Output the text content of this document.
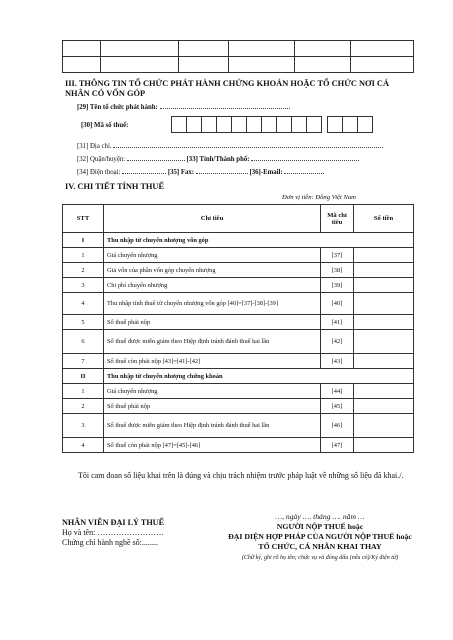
III. THÔNG TIN TỔ CHỨC PHÁT HÀNH CHỨNG KHOÁN HOẶC TỔ CHỨC NƠI CÁ NHÂN CÓ VỐN GÓP
[29] Tên tổ chức phát hành:
[30] Mã số thuế:
[31] Địa chỉ.
[32] Quận/huyện:	[33] Tỉnh/Thành phố:
[34] Điện thoại:	[35] Fax:	[36]-Email:
IV. CHI TIẾT TÍNH THUẾ
Đơn vị tiền: Đồng Việt Nam
STT	Chỉ tiêu	Mã chỉ tiêu	Số tiền
I	Thu nhập từ chuyển nhượng vốn góp		
1	Giá chuyển nhượng	[37]	
2	Giá vốn của phần vốn góp chuyển nhượng	[38]	
3	Chi phí chuyển nhượng	[39]	
4	Thu nhập tính thuế từ chuyển nhượng vốn góp [40]=[37]-[38]-[39]	[40]	
5	Số thuế phải nộp	[41]	
6	Số thuế được miễn giảm theo Hiệp định tránh đánh thuế hai lần	[42]	
7	Số thuế còn phải nộp [43]=[41]-[42]	[43]	
II	Thu nhập từ chuyển nhượng chứng khoán		
1	Giá chuyển nhượng	[44]	
2	Số thuế phải nộp	[45]	
3	Số thuế được miễn giảm theo Hiệp định tránh đánh thuế hai lần	[46]	
4	Số thuế còn phải nộp [47]=[45]-[46]	[47]	
Tôi cam đoan số liệu khai trên là đúng và chịu trách nhiệm trước pháp luật về những số liệu đã khai./.
NHÂN VIÊN ĐẠI LÝ THUẾ
Họ và tên: …………………….
Chứng chỉ hành nghề số:........
…, ngày …. tháng …. năm …
NGƯỜI NỘP THUẾ hoặc
ĐẠI DIỆN HỢP PHÁP CỦA NGƯỜI NỘP THUẾ hoặc
TỔ CHỨC, CÁ NHÂN KHAI THAY
(Chữ ký, ghi rõ họ tên; chức vụ và đóng dấu (nếu có)/Ký điện tử)
